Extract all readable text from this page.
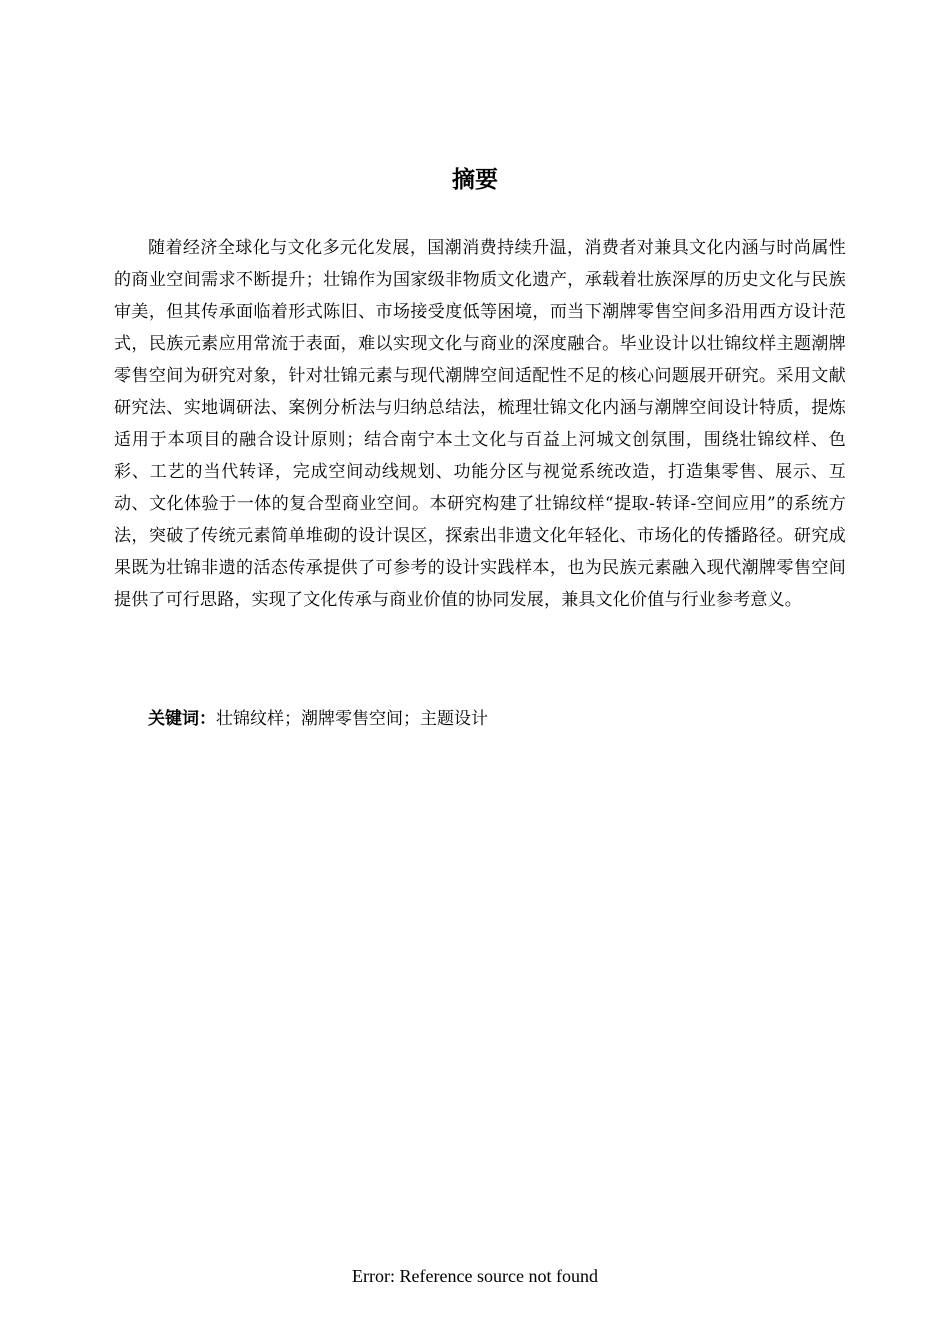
摘要

随着经济全球化与文化多元化发展，国潮消费持续升温，消费者对兼具文化内涵与时尚属性的商业空间需求不断提升；壮锦作为国家级非物质文化遗产，承载着壮族深厚的历史文化与民族审美，但其传承面临着形式陈旧、市场接受度低等困境，而当下潮牌零售空间多沿用西方设计范式，民族元素应用常流于表面，难以实现文化与商业的深度融合。毕业设计以壮锦纹样主题潮牌零售空间为研究对象，针对壮锦元素与现代潮牌空间适配性不足的核心问题展开研究。采用文献研究法、实地调研法、案例分析法与归纳总结法，梳理壮锦文化内涵与潮牌空间设计特质，提炼适用于本项目的融合设计原则；结合南宁本土文化与百益上河城文创氛围，围绕壮锦纹样、色彩、工艺的当代转译，完成空间动线规划、功能分区与视觉系统改造，打造集零售、展示、互动、文化体验于一体的复合型商业空间。本研究构建了壮锦纹样“提取-转译-空间应用”的系统方法，突破了传统元素简单堆砌的设计误区，探索出非遗文化年轻化、市场化的传播路径。研究成果既为壮锦非遗的活态传承提供了可参考的设计实践样本，也为民族元素融入现代潮牌零售空间提供了可行思路，实现了文化传承与商业价值的协同发展，兼具文化价值与行业参考意义。

关键词：壮锦纹样；潮牌零售空间；主题设计

Error: Reference source not found
